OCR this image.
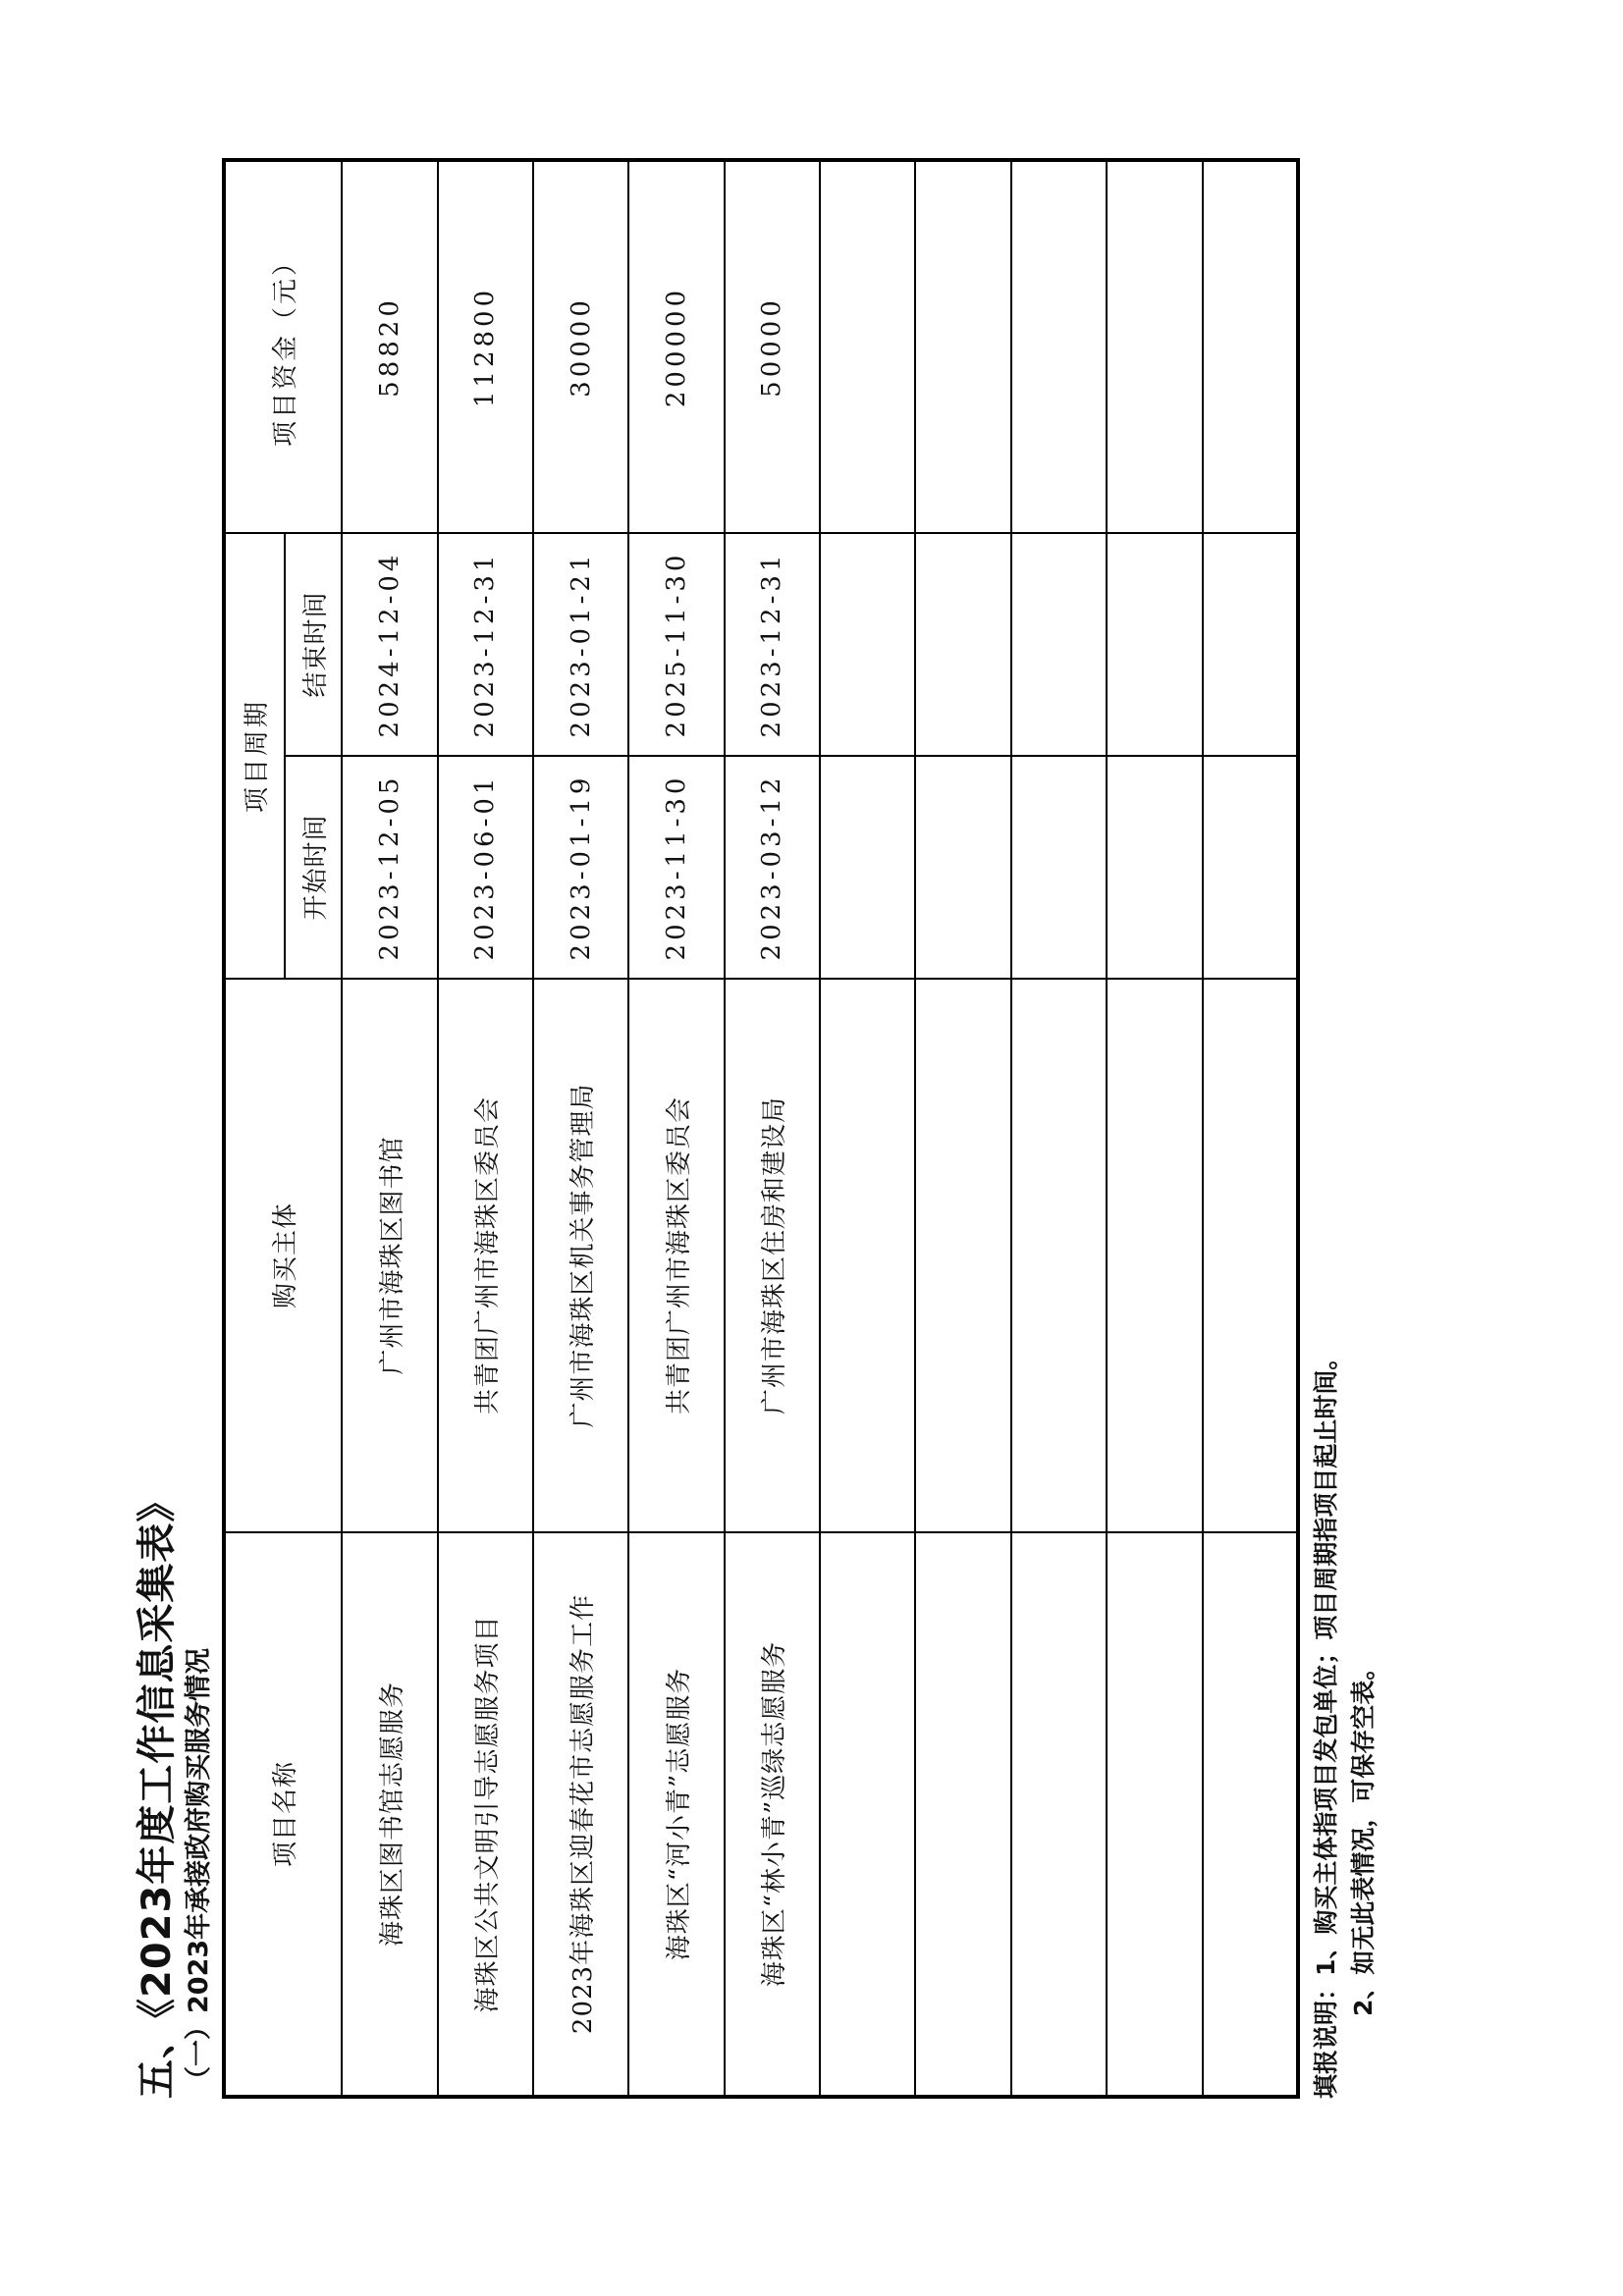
五、《2023年度工作信息采集表》 （一）2023年承接政府购买服务情况 项目名称	购买主体	项目周期		项目资金（元）
		开始时间	结束时间	
海珠区图书馆志愿服务	广州市海珠区图书馆	2023-12-05	2024-12-04	58820
海珠区公共文明引导志愿服务项目	共青团广州市海珠区委员会	2023-06-01	2023-12-31	112800
2023年海珠区迎春花市志愿服务工作	广州市海珠区机关事务管理局	2023-01-19	2023-01-21	30000
海珠区“河小青”志愿服务	共青团广州市海珠区委员会	2023-11-30	2025-11-30	200000
海珠区“林小青”巡绿志愿服务	广州市海珠区住房和建设局	2023-03-12	2023-12-31	50000

填报说明：1、购买主体指项目发包单位；项目周期指项目起止时间。 2、如无此表情况，可保存空表。
